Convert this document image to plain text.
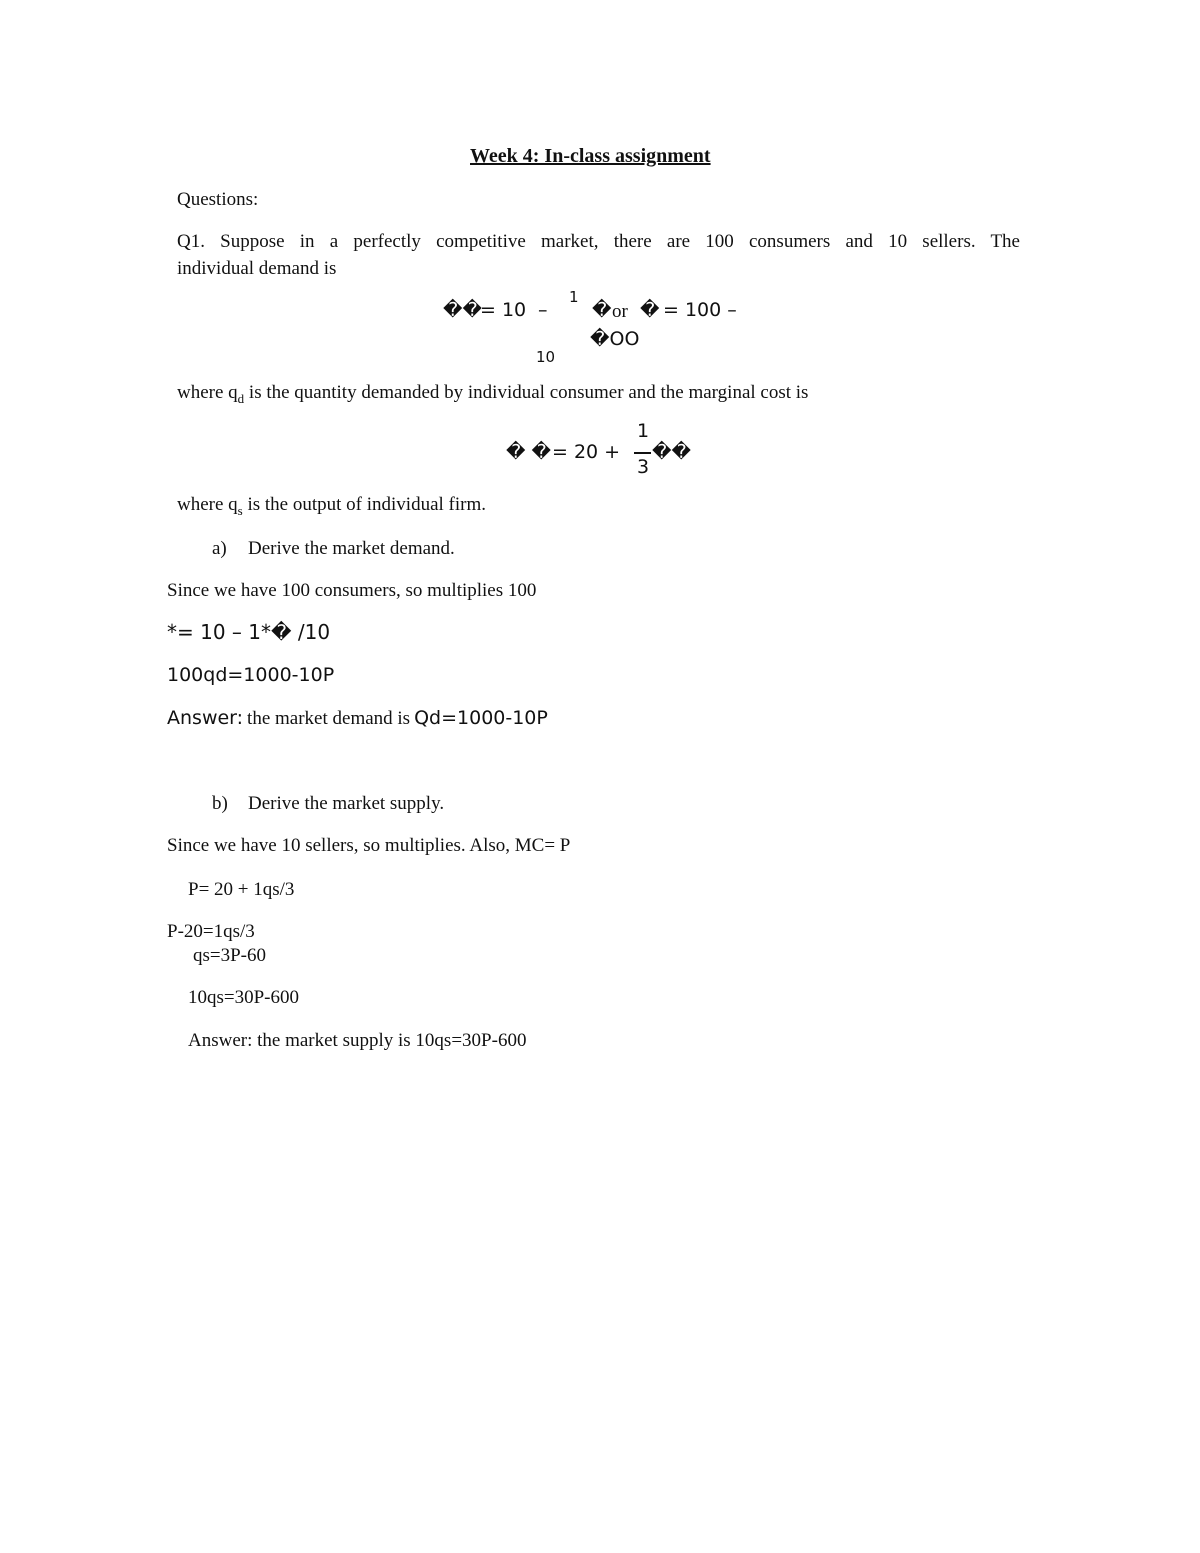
Week 4: In-class assignment
Questions:
Q1. Suppose in a perfectly competitive market, there are 100 consumers and 10 sellers. The
individual demand is
��
= 10 –
1
� or � = 100 –
�OO
10
where $q_d$ is the quantity demanded by individual consumer and the marginal cost is
� � = 20 +
1
3
��
where $q_s$ is the output of individual firm.
a) Derive the market demand.
Since we have 100 consumers, so multiplies 100
*= 10 – 1*� /10
100qd=1000-10P
Answer: the market demand is Qd=1000-10P
b) Derive the market supply.
Since we have 10 sellers, so multiplies. Also, MC= P
P= 20 + 1qs/3
P-20=1qs/3
qs=3P-60
10qs=30P-600
Answer: the market supply is 10qs=30P-600
